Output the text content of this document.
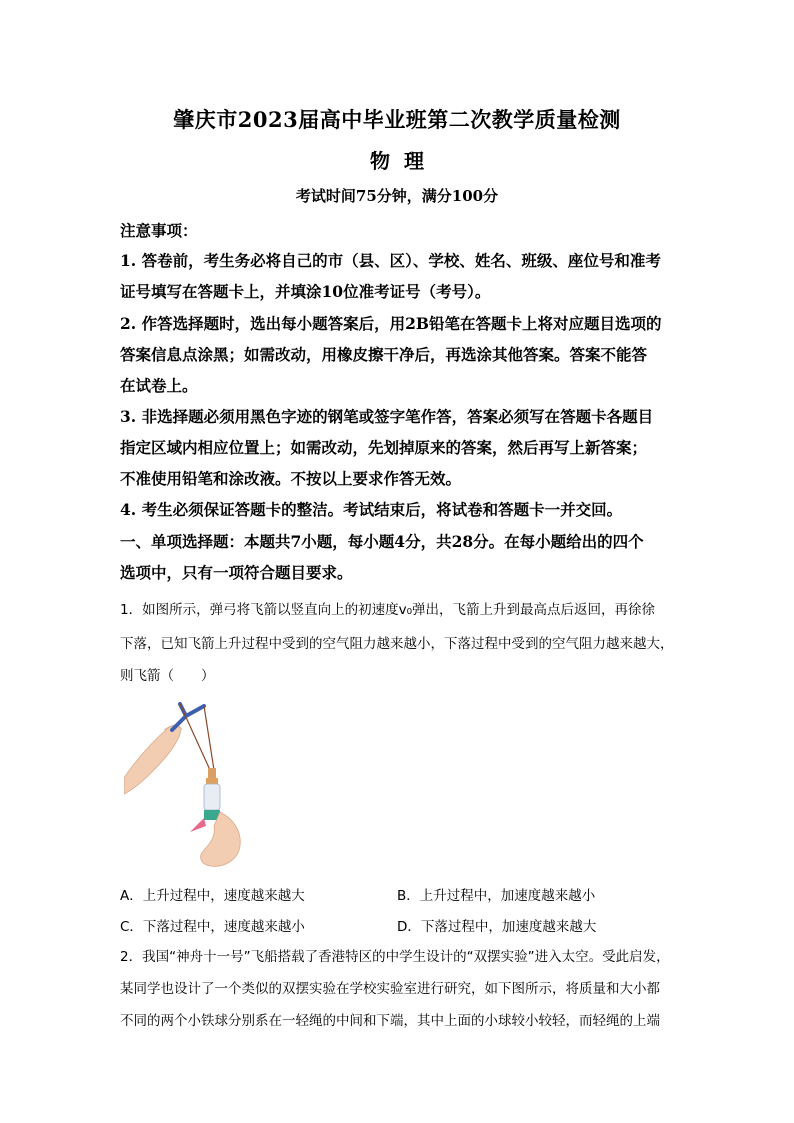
肇庆市2023届高中毕业班第二次教学质量检测
物理
考试时间75分钟，满分100分
注意事项：
1. 答卷前，考生务必将自己的市（县、区）、学校、姓名、班级、座位号和准考
证号填写在答题卡上，并填涂10位准考证号（考号）。
2. 作答选择题时，选出每小题答案后，用2B铅笔在答题卡上将对应题目选项的
答案信息点涂黑；如需改动，用橡皮擦干净后，再选涂其他答案。答案不能答
在试卷上。
3. 非选择题必须用黑色字迹的钢笔或签字笔作答，答案必须写在答题卡各题目
指定区域内相应位置上；如需改动，先划掉原来的答案，然后再写上新答案；
不准使用铅笔和涂改液。不按以上要求作答无效。
4. 考生必须保证答题卡的整洁。考试结束后，将试卷和答题卡一并交回。
一、单项选择题：本题共7小题，每小题4分，共28分。在每小题给出的四个
选项中，只有一项符合题目要求。
1．如图所示，弹弓将飞箭以竖直向上的初速度v₀弹出，飞箭上升到最高点后返回，再徐徐
下落，已知飞箭上升过程中受到的空气阻力越来越小，下落过程中受到的空气阻力越来越大，
则飞箭（　　）
A．上升过程中，速度越来越大	B．上升过程中，加速度越来越小
C．下落过程中，速度越来越小	D．下落过程中，加速度越来越大
2．我国“神舟十一号”飞船搭载了香港特区的中学生设计的“双摆实验”进入太空。受此启发，
某同学也设计了一个类似的双摆实验在学校实验室进行研究，如下图所示，将质量和大小都
不同的两个小铁球分别系在一轻绳的中间和下端，其中上面的小球较小较轻，而轻绳的上端
